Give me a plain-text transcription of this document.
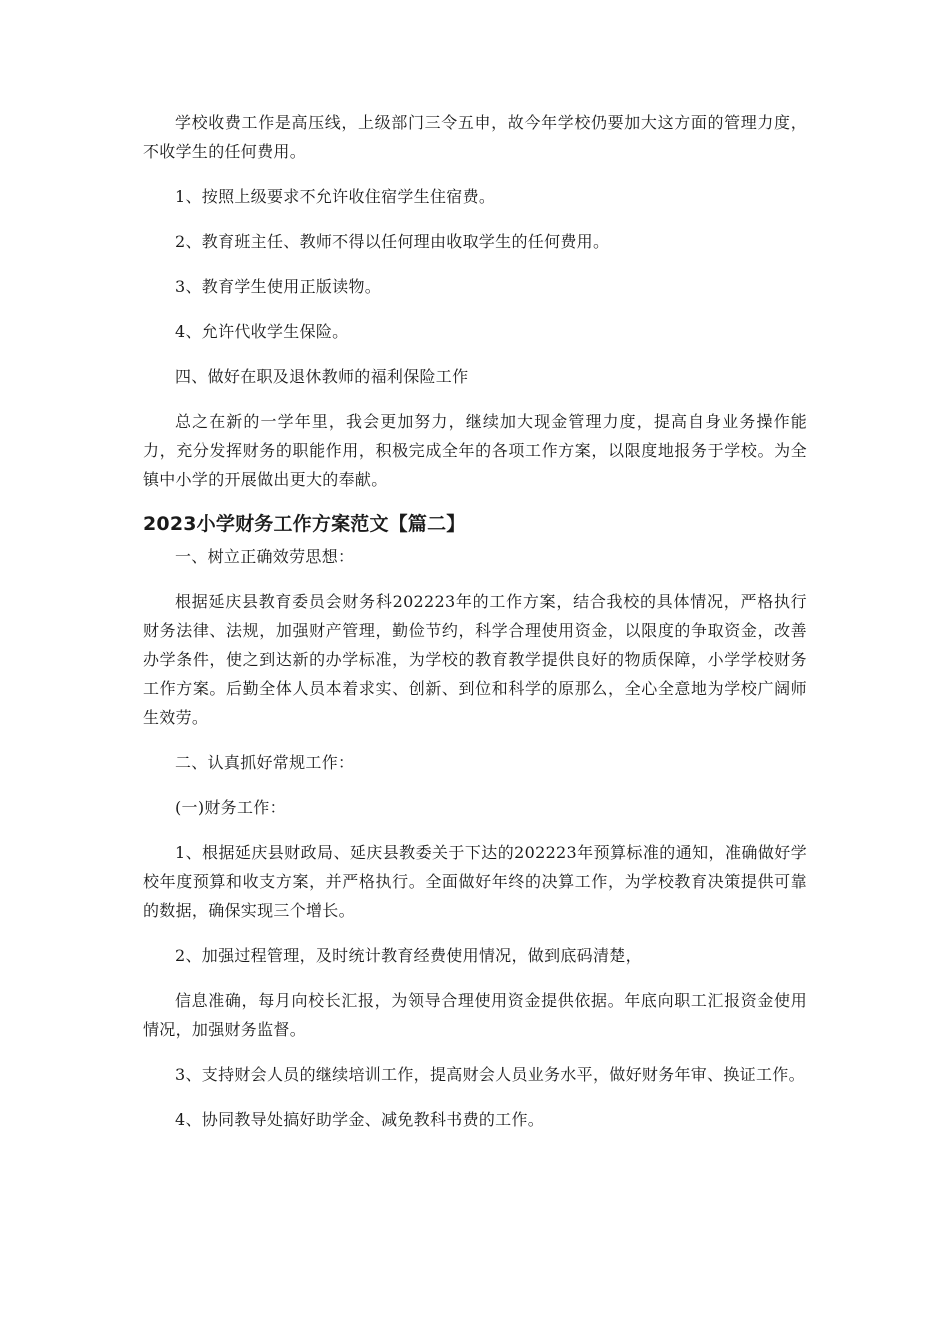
学校收费工作是高压线，上级部门三令五申，故今年学校仍要加大这方面的管理力度，不收学生的任何费用。

1、按照上级要求不允许收住宿学生住宿费。

2、教育班主任、教师不得以任何理由收取学生的任何费用。

3、教育学生使用正版读物。

4、允许代收学生保险。

四、做好在职及退休教师的福利保险工作

总之在新的一学年里，我会更加努力，继续加大现金管理力度，提高自身业务操作能力，充分发挥财务的职能作用，积极完成全年的各项工作方案，以限度地报务于学校。为全镇中小学的开展做出更大的奉献。

2023小学财务工作方案范文【篇二】

一、树立正确效劳思想：

根据延庆县教育委员会财务科202223年的工作方案，结合我校的具体情况，严格执行财务法律、法规，加强财产管理，勤俭节约，科学合理使用资金，以限度的争取资金，改善办学条件，使之到达新的办学标准，为学校的教育教学提供良好的物质保障，小学学校财务工作方案。后勤全体人员本着求实、创新、到位和科学的原那么，全心全意地为学校广阔师生效劳。

二、认真抓好常规工作：

(一)财务工作：

1、根据延庆县财政局、延庆县教委关于下达的202223年预算标准的通知，准确做好学校年度预算和收支方案，并严格执行。全面做好年终的决算工作，为学校教育决策提供可靠的数据，确保实现三个增长。

2、加强过程管理，及时统计教育经费使用情况，做到底码清楚，

信息准确，每月向校长汇报，为领导合理使用资金提供依据。年底向职工汇报资金使用情况，加强财务监督。

3、支持财会人员的继续培训工作，提高财会人员业务水平，做好财务年审、换证工作。

4、协同教导处搞好助学金、减免教科书费的工作。
